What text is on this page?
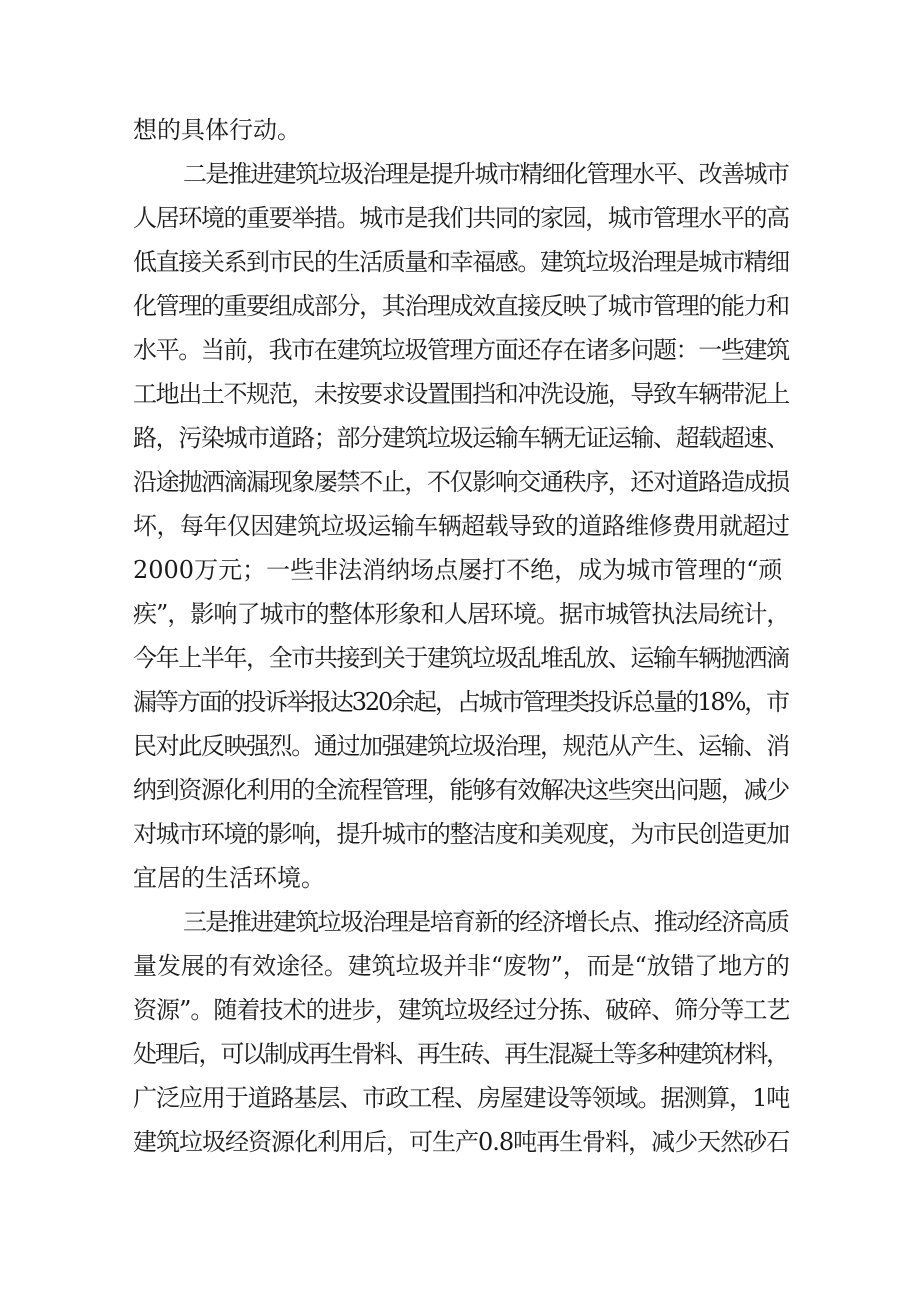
想的具体行动。
二是推进建筑垃圾治理是提升城市精细化管理水平、改善城市
人居环境的重要举措。城市是我们共同的家园，城市管理水平的高
低直接关系到市民的生活质量和幸福感。建筑垃圾治理是城市精细
化管理的重要组成部分，其治理成效直接反映了城市管理的能力和
水平。当前，我市在建筑垃圾管理方面还存在诸多问题：一些建筑
工地出土不规范，未按要求设置围挡和冲洗设施，导致车辆带泥上
路，污染城市道路；部分建筑垃圾运输车辆无证运输、超载超速、
沿途抛洒滴漏现象屡禁不止，不仅影响交通秩序，还对道路造成损
坏，每年仅因建筑垃圾运输车辆超载导致的道路维修费用就超过
2000万元；一些非法消纳场点屡打不绝，成为城市管理的“顽
疾”，影响了城市的整体形象和人居环境。据市城管执法局统计，
今年上半年，全市共接到关于建筑垃圾乱堆乱放、运输车辆抛洒滴
漏等方面的投诉举报达320余起，占城市管理类投诉总量的18%，市
民对此反映强烈。通过加强建筑垃圾治理，规范从产生、运输、消
纳到资源化利用的全流程管理，能够有效解决这些突出问题，减少
对城市环境的影响，提升城市的整洁度和美观度，为市民创造更加
宜居的生活环境。
三是推进建筑垃圾治理是培育新的经济增长点、推动经济高质
量发展的有效途径。建筑垃圾并非“废物”，而是“放错了地方的
资源”。随着技术的进步，建筑垃圾经过分拣、破碎、筛分等工艺
处理后，可以制成再生骨料、再生砖、再生混凝土等多种建筑材料，
广泛应用于道路基层、市政工程、房屋建设等领域。据测算，1吨
建筑垃圾经资源化利用后，可生产0.8吨再生骨料，减少天然砂石
